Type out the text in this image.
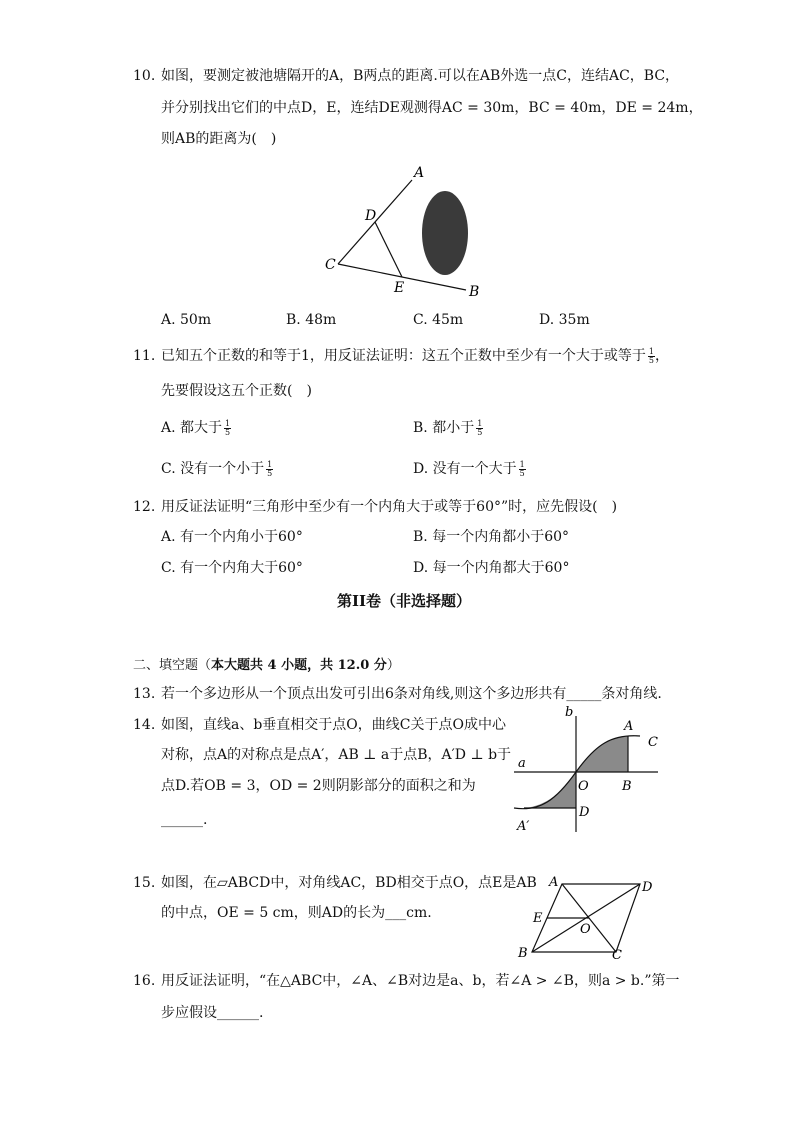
10. 如图，要测定被池塘隔开的A，B两点的距离.可以在AB外选一点C，连结AC，BC，
并分别找出它们的中点D，E，连结DE观测得AC = 30m，BC = 40m，DE = 24m，
则AB的距离为(　)
A
D
C
E	B
A. 50m	B. 48m	C. 45m	D. 35m
11. 已知五个正数的和等于1，用反证法证明：这五个正数中至少有一个大于或等于 $\frac{1}{5}$ ，
先要假设这五个正数(　)
A. 都大于 $\frac{1}{5}$	B. 都小于 $\frac{1}{5}$
C. 没有一个小于 $\frac{1}{5}$	D. 没有一个大于 $\frac{1}{5}$
12. 用反证法证明“三角形中至少有一个内角大于或等于60°”时，应先假设(　)
A. 有一个内角小于60°	B. 每一个内角都小于60°
C. 有一个内角大于60°	D. 每一个内角都大于60°
第II卷（非选择题）
二、填空题（本大题共 4 小题，共 12.0 分）
13. 若一个多边形从一个顶点出发可引出6条对角线,则这个多边形共有_____条对角线.
14. 如图，直线a、b垂直相交于点O，曲线C关于点O成中心
对称，点A的对称点是点A′，AB ⊥ a于点B，A′D ⊥ b于
点D.若OB = 3，OD = 2则阴影部分的面积之和为
______.
b
A
C
a
O	B
D
A′
15. 如图，在▱ABCD中，对角线AC，BD相交于点O，点E是AB
的中点，OE = 5 cm，则AD的长为___cm.
A	D
E
O
B	C
16. 用反证法证明，“在△ABC中，∠A、∠B对边是a、b，若∠A > ∠B，则a > b.”第一
步应假设______.
